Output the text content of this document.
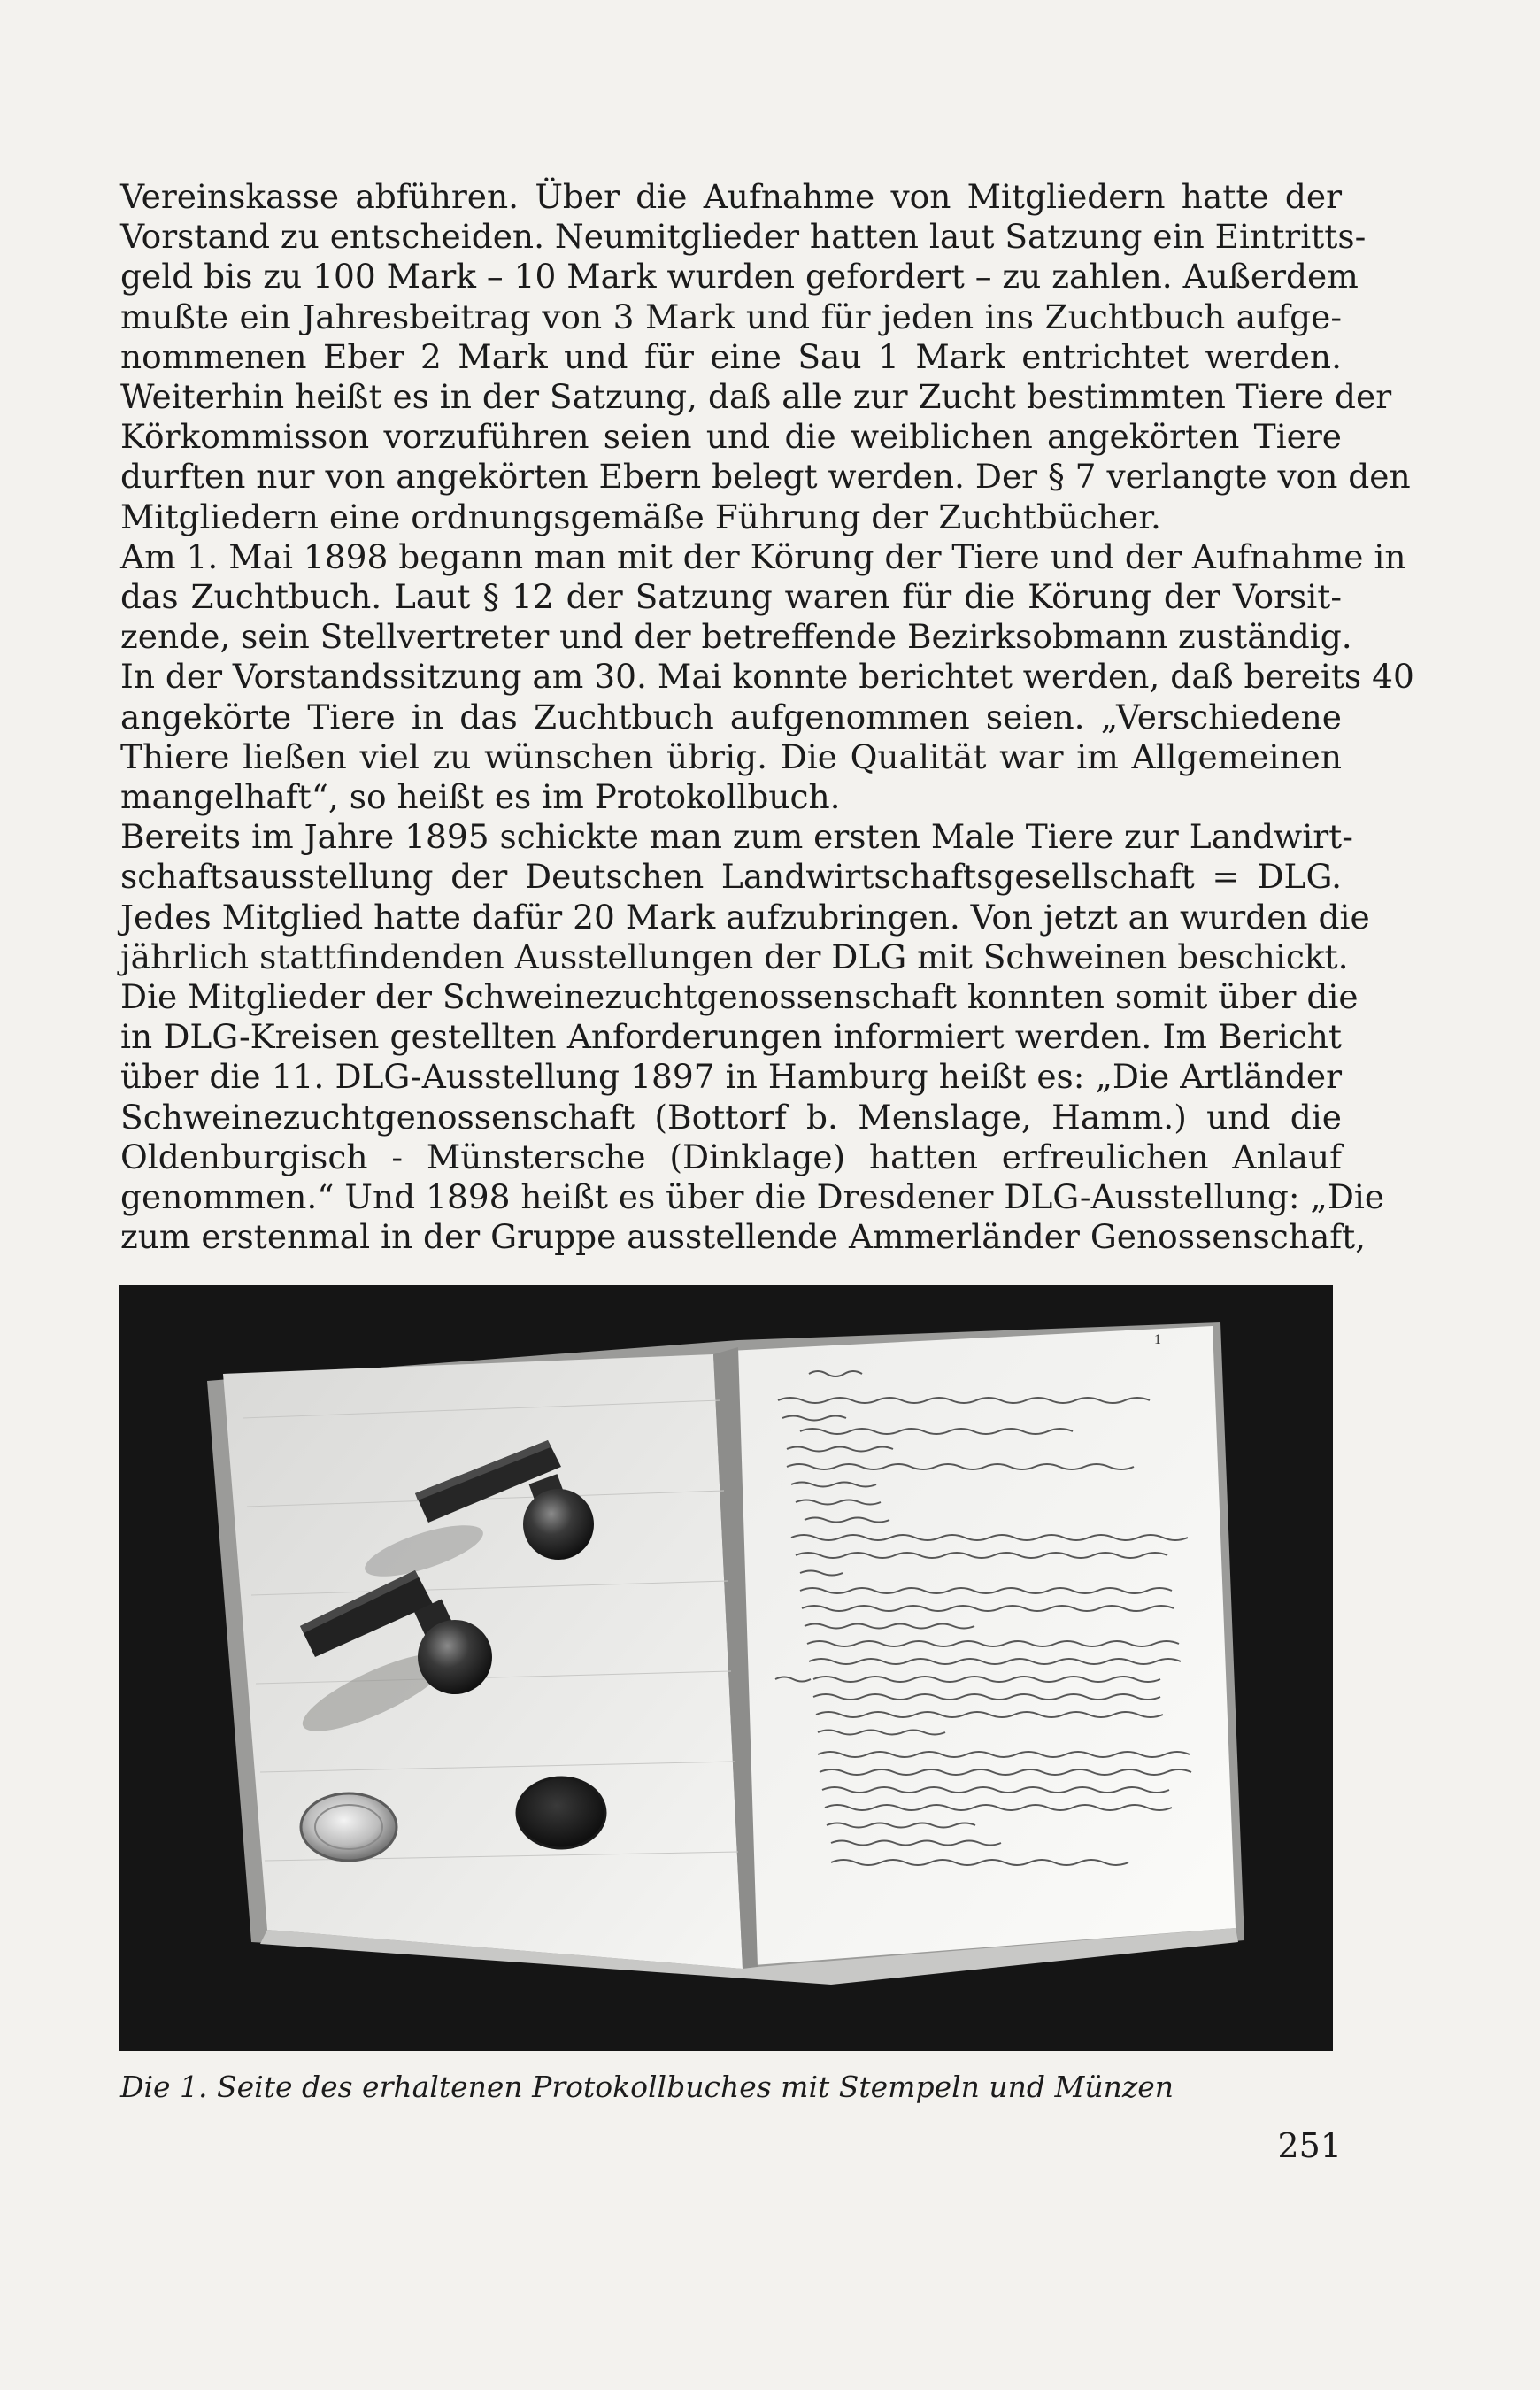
Vereinskasse abführen. Über die Aufnahme von Mitgliedern hatte der
Vorstand zu entscheiden. Neumitglieder hatten laut Satzung ein Eintritts-
geld bis zu 100 Mark – 10 Mark wurden gefordert – zu zahlen. Außerdem
mußte ein Jahresbeitrag von 3 Mark und für jeden ins Zuchtbuch aufge-
nommenen Eber 2 Mark und für eine Sau 1 Mark entrichtet werden.
Weiterhin heißt es in der Satzung, daß alle zur Zucht bestimmten Tiere der
Körkommisson vorzuführen seien und die weiblichen angekörten Tiere
durften nur von angekörten Ebern belegt werden. Der § 7 verlangte von den
Mitgliedern eine ordnungsgemäße Führung der Zuchtbücher.

Am 1. Mai 1898 begann man mit der Körung der Tiere und der Aufnahme in
das Zuchtbuch. Laut § 12 der Satzung waren für die Körung der Vorsit-
zende, sein Stellvertreter und der betreffende Bezirksobmann zuständig.
In der Vorstandssitzung am 30. Mai konnte berichtet werden, daß bereits 40
angekörte Tiere in das Zuchtbuch aufgenommen seien. „Verschiedene
Thiere ließen viel zu wünschen übrig. Die Qualität war im Allgemeinen
mangelhaft“, so heißt es im Protokollbuch.

Bereits im Jahre 1895 schickte man zum ersten Male Tiere zur Landwirt-
schaftsausstellung der Deutschen Landwirtschaftsgesellschaft = DLG.
Jedes Mitglied hatte dafür 20 Mark aufzubringen. Von jetzt an wurden die
jährlich stattfindenden Ausstellungen der DLG mit Schweinen beschickt.
Die Mitglieder der Schweinezuchtgenossenschaft konnten somit über die
in DLG-Kreisen gestellten Anforderungen informiert werden. Im Bericht
über die 11. DLG-Ausstellung 1897 in Hamburg heißt es: „Die Artländer
Schweinezuchtgenossenschaft (Bottorf b. Menslage, Hamm.) und die
Oldenburgisch - Münstersche (Dinklage) hatten erfreulichen Anlauf
genommen.“ Und 1898 heißt es über die Dresdener DLG-Ausstellung: „Die
zum erstenmal in der Gruppe ausstellende Ammerländer Genossenschaft,

1
Die 1. Seite des erhaltenen Protokollbuches mit Stempeln und Münzen
251
